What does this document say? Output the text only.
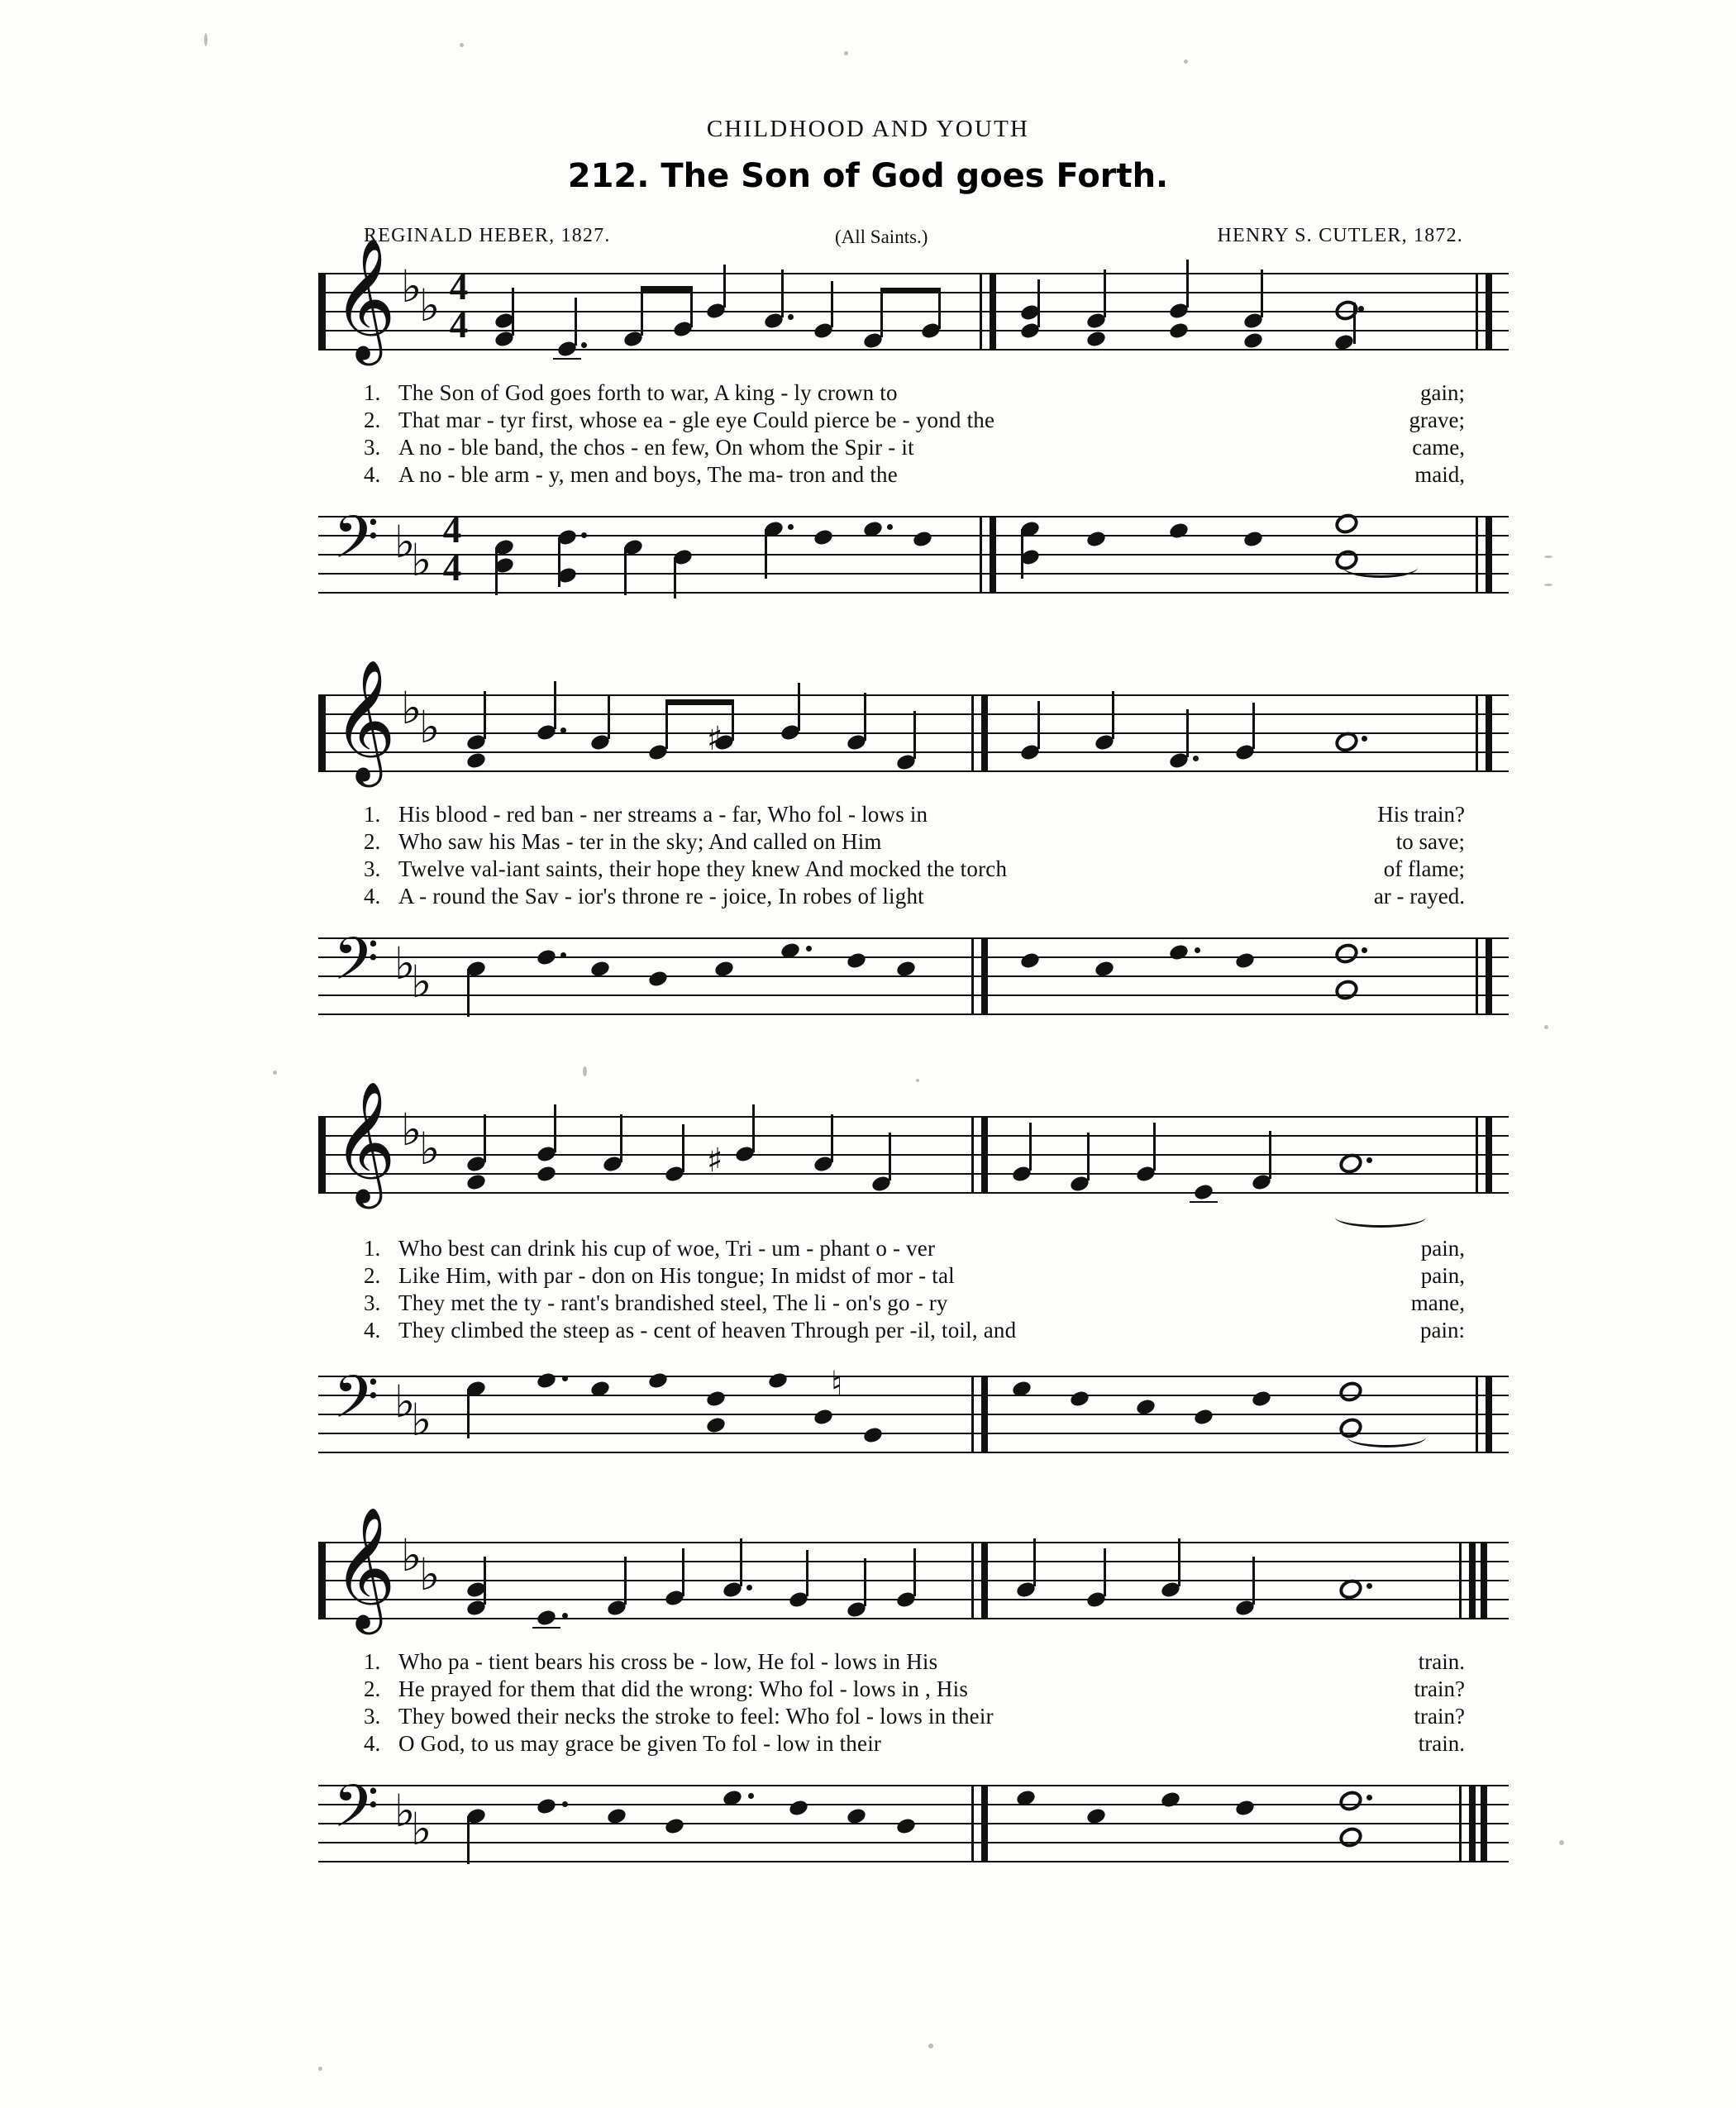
CHILDHOOD AND YOUTH
212. The Son of God goes Forth.
REGINALD HEBER, 1827.	(All Saints.)	HENRY S. CUTLER, 1872.
𝄞 ♭
♭ 4
4
1. The Son of God goes forth to war, A king - ly crown to	gain;
2. That mar - tyr first, whose ea - gle eye Could pierce be - yond the	grave;
3. A no - ble band, the chos - en few, On whom the Spir - it	came,
4. A no - ble arm - y, men and boys, The ma- tron and the	maid,
𝄢 ♭
♭
4
4
𝄞 ♭
♭	♯
1. His blood - red ban - ner streams a - far, Who fol - lows in	His train?
2. Who saw his Mas - ter in the sky; And called on Him	to save;
3. Twelve val-iant saints, their hope they knew And mocked the torch	of flame;
4. A - round the Sav - ior's throne re - joice, In robes of light	ar - rayed.
𝄢 ♭
♭
𝄞 ♭
♭	♯
1. Who best can drink his cup of woe, Tri - um - phant o - ver	pain,
2. Like Him, with par - don on His tongue; In midst of mor - tal	pain,
3. They met the ty - rant's brandished steel, The li - on's go - ry	mane,
4. They climbed the steep as - cent of heaven Through per -il, toil, and	pain:
𝄢 ♭
♭
♮
𝄞 ♭
♭
1. Who pa - tient bears his cross be - low, He fol - lows in His	train.
2. He prayed for them that did the wrong: Who fol - lows in , His	train?
3. They bowed their necks the stroke to feel: Who fol - lows in their	train?
4. O God, to us may grace be given To fol - low in their	train.
𝄢 ♭
♭
